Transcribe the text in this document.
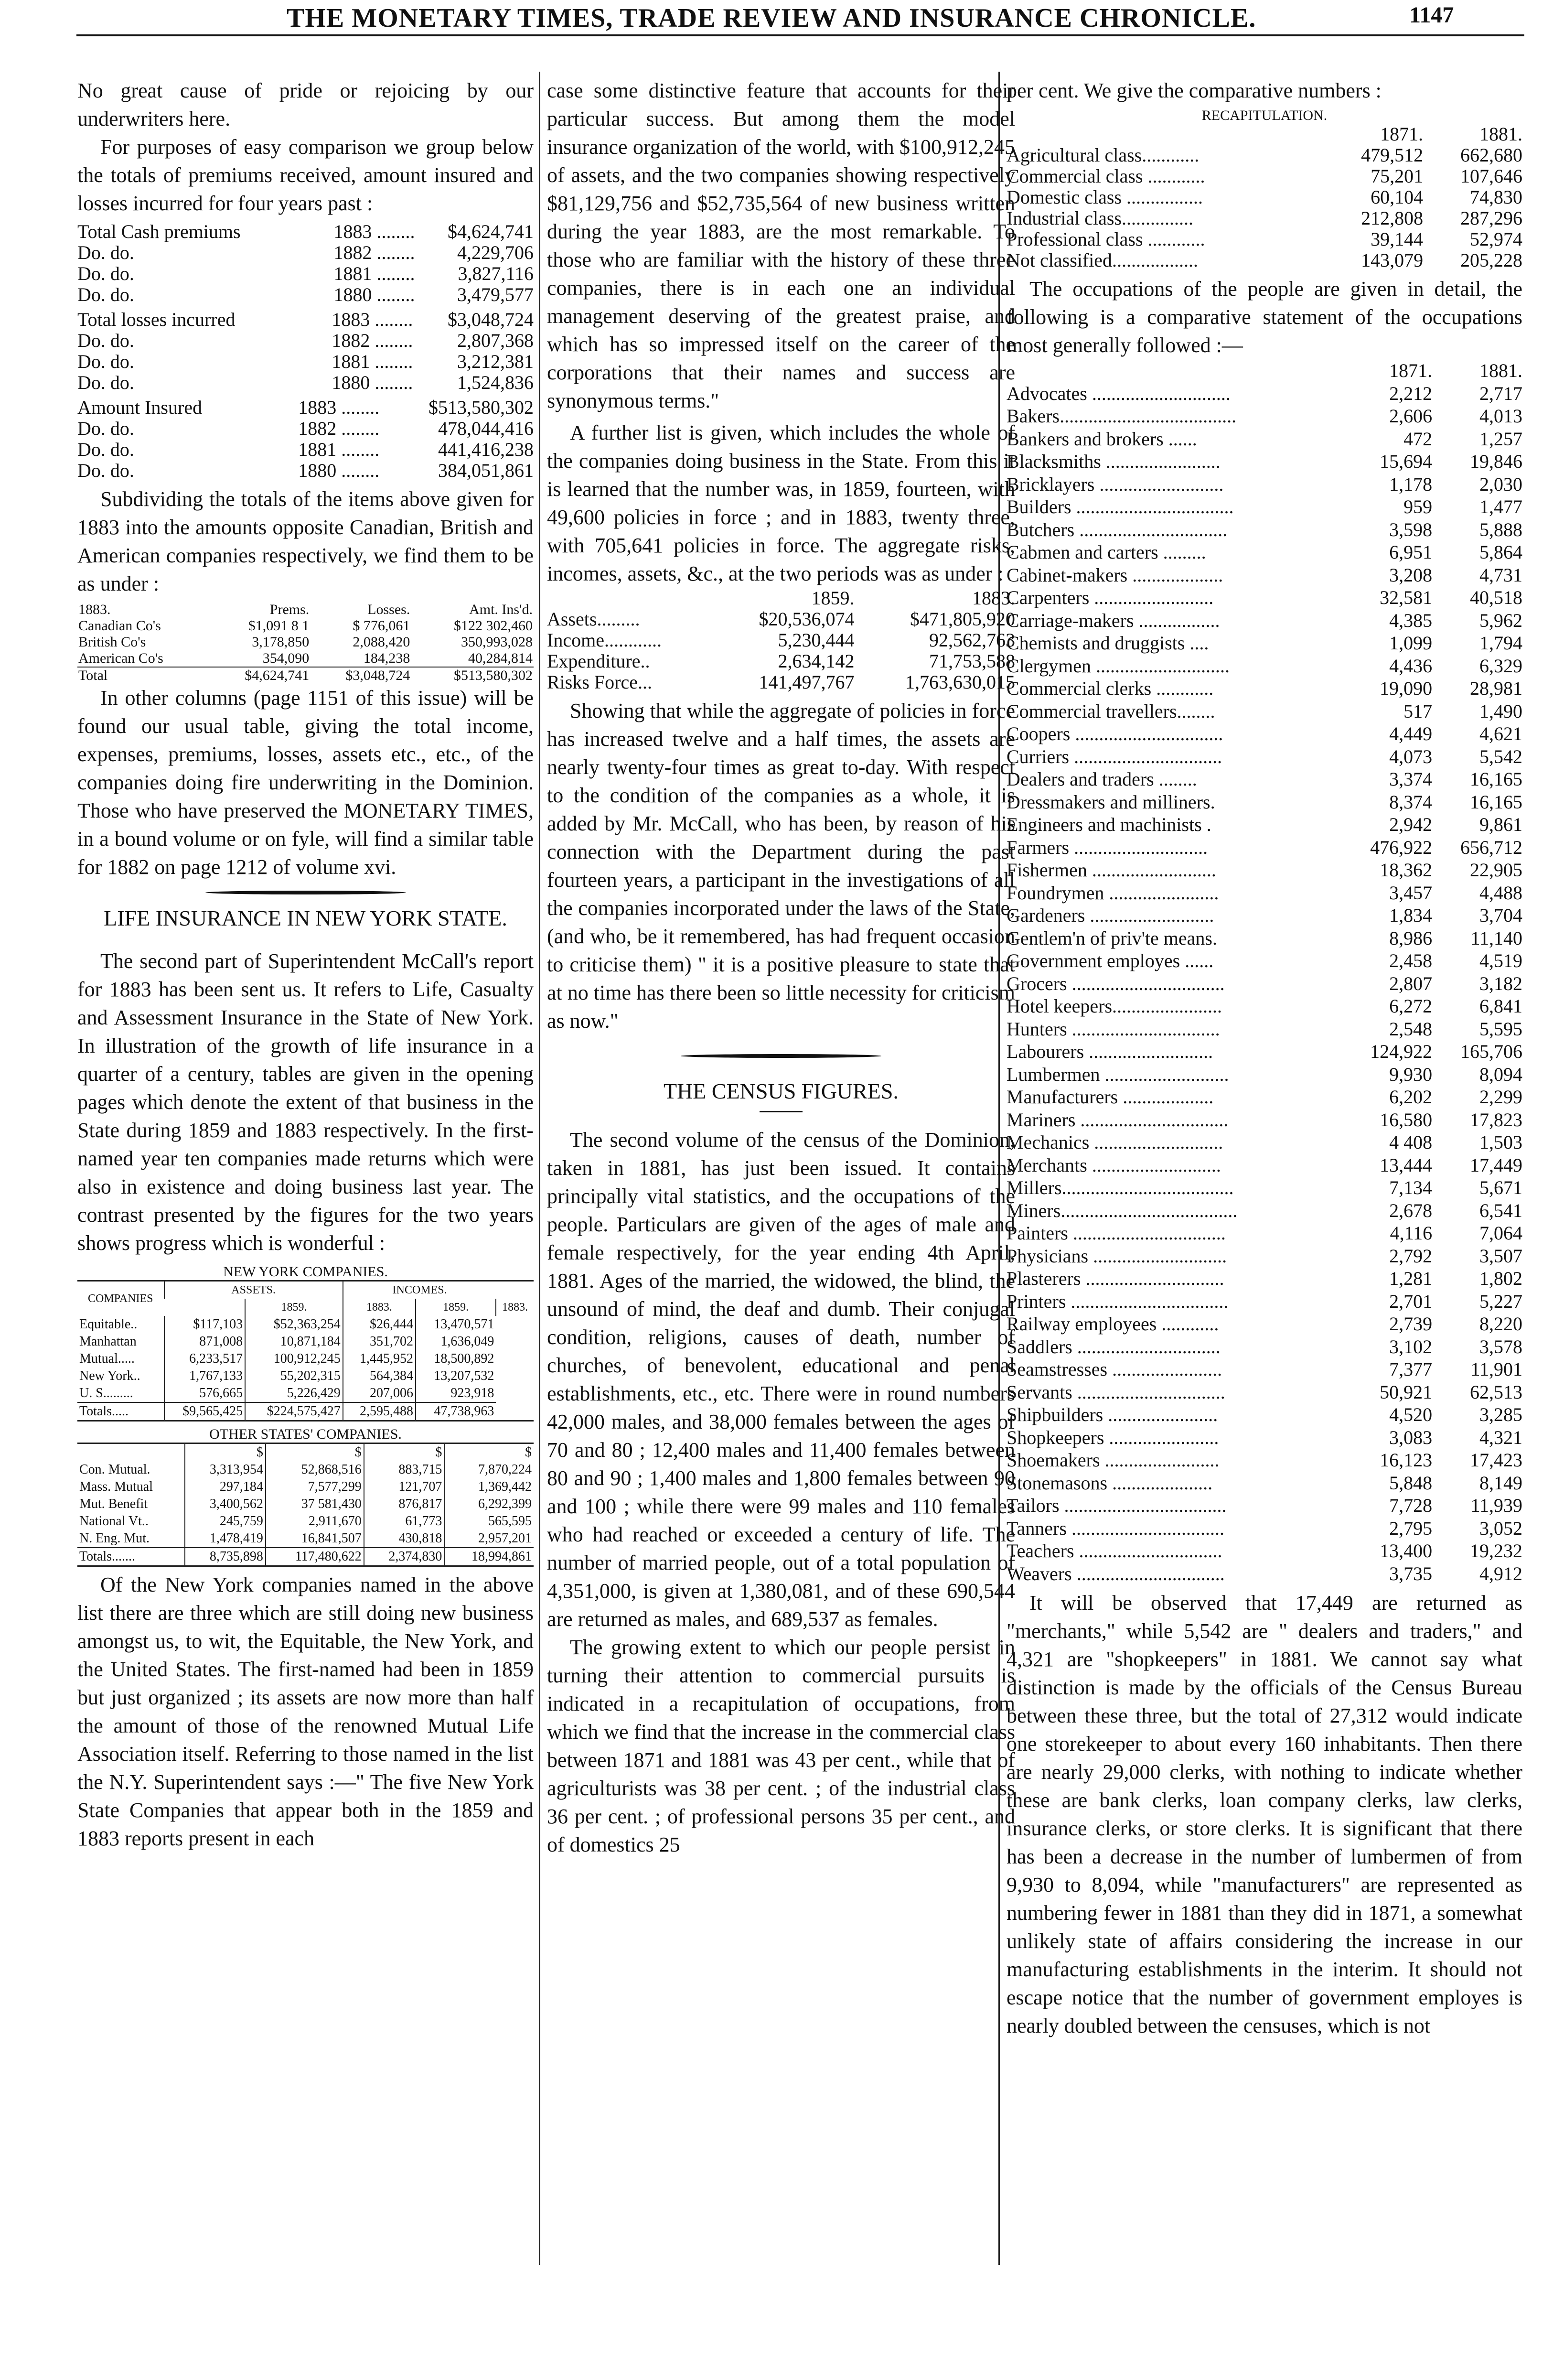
THE MONETARY TIMES, TRADE REVIEW AND INSURANCE CHRONICLE.	1147

No great cause of pride or rejoicing by our underwriters here.

For purposes of easy comparison we group below the totals of premiums received, amount insured and losses incurred for four years past :

Total Cash premiums	1883 ........	$4,624,741
Do. do.	1882 ........	4,229,706
Do. do.	1881 ........	3,827,116
Do. do.	1880 ........	3,479,577
Total losses incurred	1883 ........	$3,048,724
Do. do.	1882 ........	2,807,368
Do. do.	1881 ........	3,212,381
Do. do.	1880 ........	1,524,836
Amount Insured	1883 ........	$513,580,302
Do. do.	1882 ........	478,044,416
Do. do.	1881 ........	441,416,238
Do. do.	1880 ........	384,051,861

Subdividing the totals of the items above given for 1883 into the amounts opposite Canadian, British and American companies respectively, we find them to be as under :

1883.	Prems.	Losses.	Amt. Ins'd.
Canadian Co's	$1,091 8 1	$ 776,061	$122 302,460
British Co's	3,178,850	2,088,420	350,993,028
American Co's	354,090	184,238	40,284,814
Total	$4,624,741	$3,048,724	$513,580,302

In other columns (page 1151 of this issue) will be found our usual table, giving the total income, expenses, premiums, losses, assets etc., etc., of the companies doing fire underwriting in the Dominion. Those who have preserved the MONETARY TIMES, in a bound volume or on fyle, will find a similar table for 1882 on page 1212 of volume xvi.

LIFE INSURANCE IN NEW YORK STATE.

The second part of Superintendent McCall's report for 1883 has been sent us. It refers to Life, Casualty and Assessment Insurance in the State of New York. In illustration of the growth of life insurance in a quarter of a century, tables are given in the opening pages which denote the extent of that business in the State during 1859 and 1883 respectively. In the first-named year ten companies made returns which were also in existence and doing business last year. The contrast presented by the figures for the two years shows progress which is wonderful :

NEW YORK COMPANIES.
COMPANIES	ASSETS.		INCOMES.		
		1859.	1883.	1859.	1883.
Equitable..	$117,103	$52,363,254	$26,444	13,470,571	
Manhattan	871,008	10,871,184	351,702	1,636,049	
Mutual.....	6,233,517	100,912,245	1,445,952	18,500,892	
New York..	1,767,133	55,202,315	564,384	13,207,532	
U. S.........	576,665	5,226,429	207,006	923,918	
Totals.....	$9,565,425	$224,575,427	2,595,488	47,738,963	
OTHER STATES' COMPANIES.
	$	$	$	$
Con. Mutual.	3,313,954	52,868,516	883,715	7,870,224
Mass. Mutual	297,184	7,577,299	121,707	1,369,442
Mut. Benefit	3,400,562	37 581,430	876,817	6,292,399
National Vt..	245,759	2,911,670	61,773	565,595
N. Eng. Mut.	1,478,419	16,841,507	430,818	2,957,201
Totals.......	8,735,898	117,480,622	2,374,830	18,994,861

Of the New York companies named in the above list there are three which are still doing new business amongst us, to wit, the Equitable, the New York, and the United States. The first-named had been in 1859 but just organized ; its assets are now more than half the amount of those of the renowned Mutual Life Association itself. Referring to those named in the list the N.Y. Superintendent says :—" The five New York State Companies that appear both in the 1859 and 1883 reports present in each

case some distinctive feature that accounts for their particular success. But among them the model insurance organization of the world, with $100,912,245 of assets, and the two companies showing respectively $81,129,756 and $52,735,564 of new business written during the year 1883, are the most remarkable. To those who are familiar with the history of these three companies, there is in each one an individual management deserving of the greatest praise, and which has so impressed itself on the career of the corporations that their names and success are synonymous terms."

A further list is given, which includes the whole of the companies doing business in the State. From this it is learned that the number was, in 1859, fourteen, with 49,600 policies in force ; and in 1883, twenty three, with 705,641 policies in force. The aggregate risks, incomes, assets, &c., at the two periods was as under :

	1859.	1883.
Assets.........	$20,536,074	$471,805,920
Income............	5,230,444	92,562,763
Expenditure..	2,634,142	71,753,588
Risks Force...	141,497,767	1,763,630,015

Showing that while the aggregate of policies in force has increased twelve and a half times, the assets are nearly twenty-four times as great to-day. With respect to the condition of the companies as a whole, it is added by Mr. McCall, who has been, by reason of his connection with the Department during the past fourteen years, a participant in the investigations of all the companies incorporated under the laws of the State, (and who, be it remembered, has had frequent occasion to criticise them) " it is a positive pleasure to state that at no time has there been so little necessity for criticism as now."

THE CENSUS FIGURES.

The second volume of the census of the Dominion, taken in 1881, has just been issued. It contains principally vital statistics, and the occupations of the people. Particulars are given of the ages of male and female respectively, for the year ending 4th April, 1881. Ages of the married, the widowed, the blind, the unsound of mind, the deaf and dumb. Their conjugal condition, religions, causes of death, number of churches, of benevolent, educational and penal establishments, etc., etc. There were in round numbers 42,000 males, and 38,000 females between the ages of 70 and 80 ; 12,400 males and 11,400 females between 80 and 90 ; 1,400 males and 1,800 females between 90 and 100 ; while there were 99 males and 110 females who had reached or exceeded a century of life. The number of married people, out of a total population of 4,351,000, is given at 1,380,081, and of these 690,544 are returned as males, and 689,537 as females.

The growing extent to which our people persist in turning their attention to commercial pursuits is indicated in a recapitulation of occupations, from which we find that the increase in the commercial class between 1871 and 1881 was 43 per cent., while that of agriculturists was 38 per cent. ; of the industrial class 36 per cent. ; of professional persons 35 per cent., and of domestics 25

per cent. We give the comparative numbers :

RECAPITULATION.
	1871.	1881.
Agricultural class............	479,512	662,680
Commercial class ............	75,201	107,646
Domestic class ................	60,104	74,830
Industrial class...............	212,808	287,296
Professional class ............	39,144	52,974
Not classified..................	143,079	205,228

The occupations of the people are given in detail, the following is a comparative statement of the occupations most generally followed :—

	1871.	1881.
Advocates .............................	2,212	2,717
Bakers.....................................	2,606	4,013
Bankers and brokers ......	472	1,257
Blacksmiths ........................	15,694	19,846
Bricklayers ..........................	1,178	2,030
Builders .................................	959	1,477
Butchers ...............................	3,598	5,888
Cabmen and carters .........	6,951	5,864
Cabinet-makers ...................	3,208	4,731
Carpenters .........................	32,581	40,518
Carriage-makers .................	4,385	5,962
Chemists and druggists ....	1,099	1,794
Clergymen ............................	4,436	6,329
Commercial clerks ............	19,090	28,981
Commercial travellers........	517	1,490
Coopers ...............................	4,449	4,621
Curriers ...............................	4,073	5,542
Dealers and traders ........	3,374	16,165
Dressmakers and milliners.	8,374	16,165
Engineers and machinists .	2,942	9,861
Farmers ............................	476,922	656,712
Fishermen ..........................	18,362	22,905
Foundrymen .......................	3,457	4,488
Gardeners ..........................	1,834	3,704
Gentlem'n of priv'te means.	8,986	11,140
Government employes ......	2,458	4,519
Grocers ................................	2,807	3,182
Hotel keepers.......................	6,272	6,841
Hunters ...............................	2,548	5,595
Labourers ..........................	124,922	165,706
Lumbermen ..........................	9,930	8,094
Manufacturers ...................	6,202	2,299
Mariners ...............................	16,580	17,823
Mechanics ...........................	4 408	1,503
Merchants ...........................	13,444	17,449
Millers....................................	7,134	5,671
Miners.....................................	2,678	6,541
Painters ................................	4,116	7,064
Physicians ............................	2,792	3,507
Plasterers .............................	1,281	1,802
Printers .................................	2,701	5,227
Railway employees ............	2,739	8,220
Saddlers ..............................	3,102	3,578
Seamstresses .......................	7,377	11,901
Servants ...............................	50,921	62,513
Shipbuilders .......................	4,520	3,285
Shopkeepers .......................	3,083	4,321
Shoemakers ........................	16,123	17,423
Stonemasons .....................	5,848	8,149
Tailors ..................................	7,728	11,939
Tanners ................................	2,795	3,052
Teachers ..............................	13,400	19,232
Weavers ...............................	3,735	4,912

It will be observed that 17,449 are returned as "merchants," while 5,542 are " dealers and traders," and 4,321 are "shopkeepers" in 1881. We cannot say what distinction is made by the officials of the Census Bureau between these three, but the total of 27,312 would indicate one storekeeper to about every 160 inhabitants. Then there are nearly 29,000 clerks, with nothing to indicate whether these are bank clerks, loan company clerks, law clerks, insurance clerks, or store clerks. It is significant that there has been a decrease in the number of lumbermen of from 9,930 to 8,094, while "manufacturers" are represented as numbering fewer in 1881 than they did in 1871, a somewhat unlikely state of affairs considering the increase in our manufacturing establishments in the interim. It should not escape notice that the number of government employes is nearly doubled between the censuses, which is not
